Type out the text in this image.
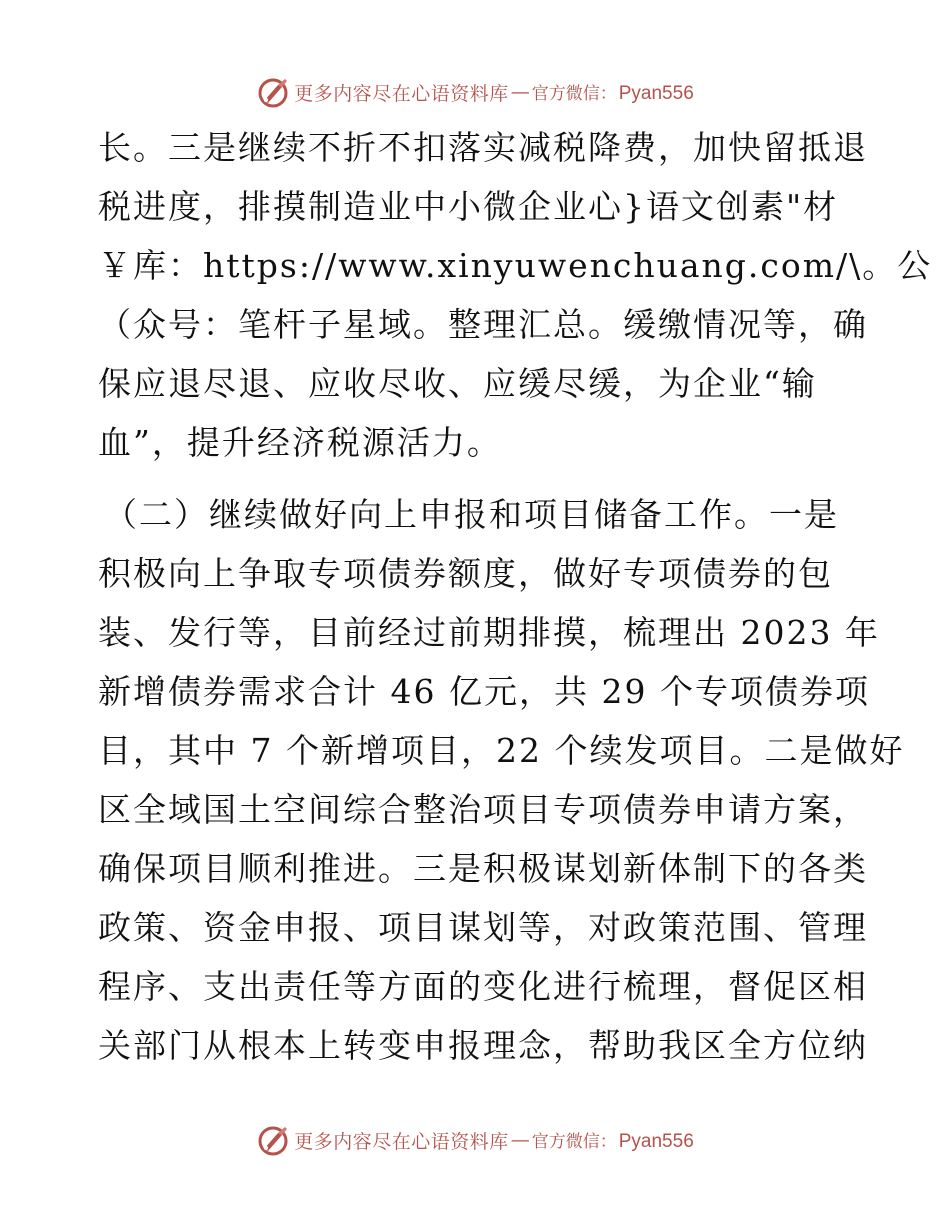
更多内容尽在心语资料库 — 官方微信： Pyan556
长。三是继续不折不扣落实减税降费，加快留抵退
税进度，排摸制造业中小微企业心}语文创素"材
￥库：https://www.xinyuwenchuang.com/\。公
（众号：笔杆子星域。整理汇总。缓缴情况等，确
保应退尽退、应收尽收、应缓尽缓，为企业“输
血”，提升经济税源活力。
（二）继续做好向上申报和项目储备工作。一是
积极向上争取专项债券额度，做好专项债券的包
装、发行等，目前经过前期排摸，梳理出 2023 年
新增债券需求合计 46 亿元，共 29 个专项债券项
目，其中 7 个新增项目，22 个续发项目。二是做好
区全域国土空间综合整治项目专项债券申请方案，
确保项目顺利推进。三是积极谋划新体制下的各类
政策、资金申报、项目谋划等，对政策范围、管理
程序、支出责任等方面的变化进行梳理，督促区相
关部门从根本上转变申报理念，帮助我区全方位纳
更多内容尽在心语资料库 — 官方微信： Pyan556
